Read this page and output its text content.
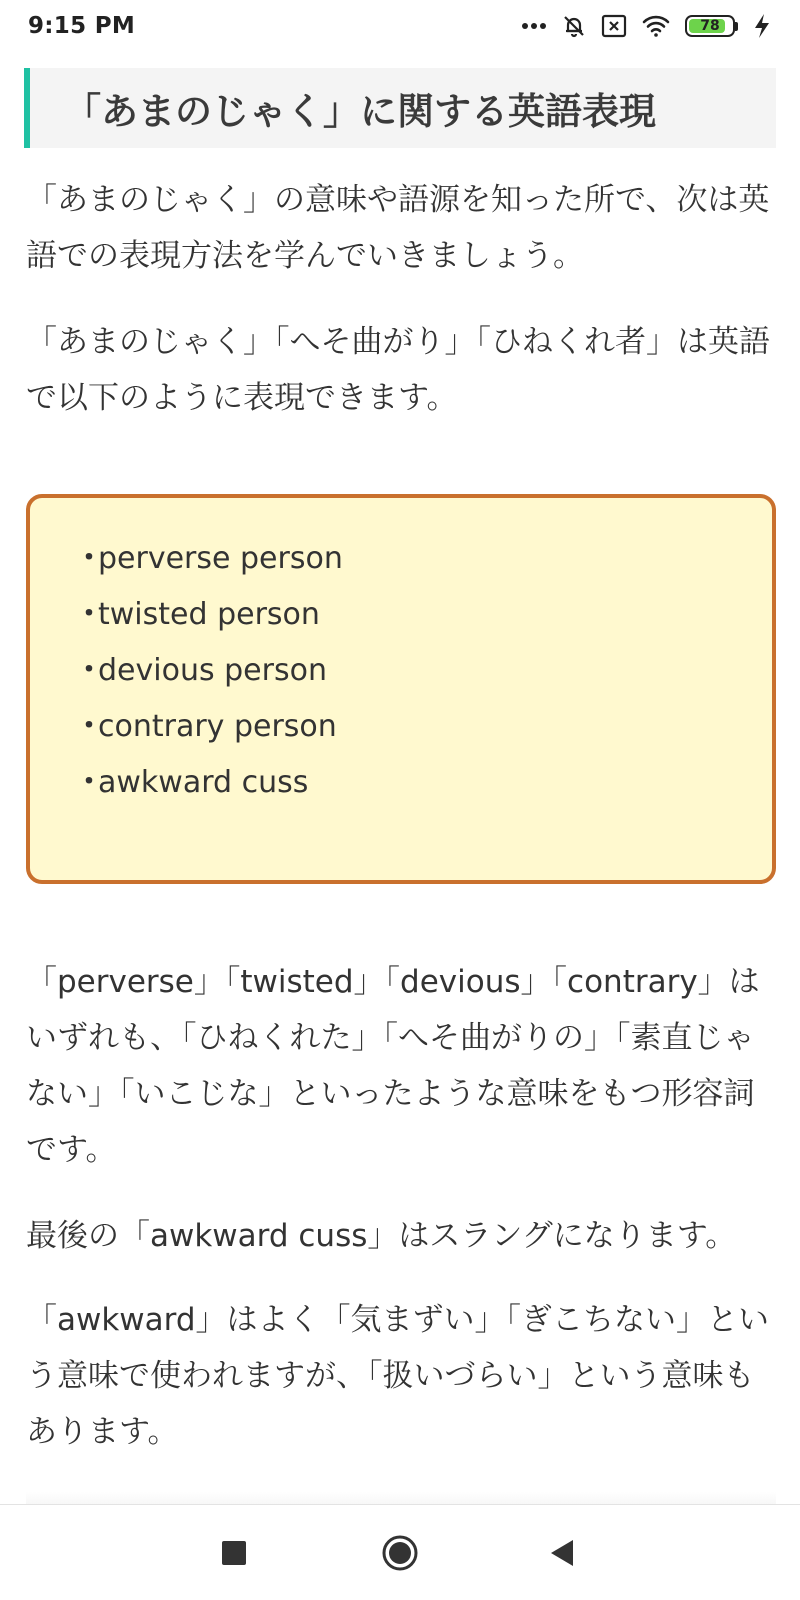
9:15 PM	78
「あまのじゃく」に関する英語表現

「あまのじゃく」の意味や語源を知った所で、次は英語での表現方法を学んでいきましょう。

「あまのじゃく」「へそ曲がり」「ひねくれ者」は英語で以下のように表現できます。

・perverse person
・twisted person
・devious person
・contrary person
・awkward cuss

「perverse」「twisted」「devious」「contrary」はいずれも、「ひねくれた」「へそ曲がりの」「素直じゃない」「いこじな」といったような意味をもつ形容詞です。

最後の「awkward cuss」はスラングになります。

「awkward」はよく「気まずい」「ぎこちない」という意味で使われますが、「扱いづらい」という意味もあります。
